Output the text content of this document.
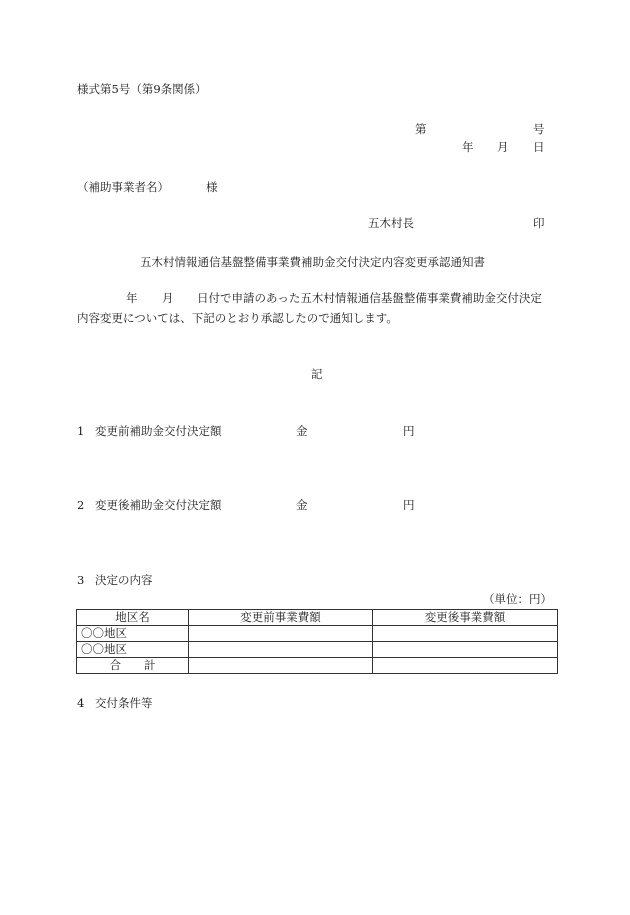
様式第5号（第9条関係）
第	号
年 月 日
（補助事業者名）	様
五木村長	印
五木村情報通信基盤整備事業費補助金交付決定内容変更承認通知書
年 月 日付で申請のあった五木村情報通信基盤整備事業費補助金交付決定
内容変更については、下記のとおり承認したので通知します。
記
1 変更前補助金交付決定額	金	円
2 変更後補助金交付決定額	金	円
3 決定の内容
（単位：円）
地区名	変更前事業費額	変更後事業費額
〇〇地区		
〇〇地区		
合　　計		
4 交付条件等
